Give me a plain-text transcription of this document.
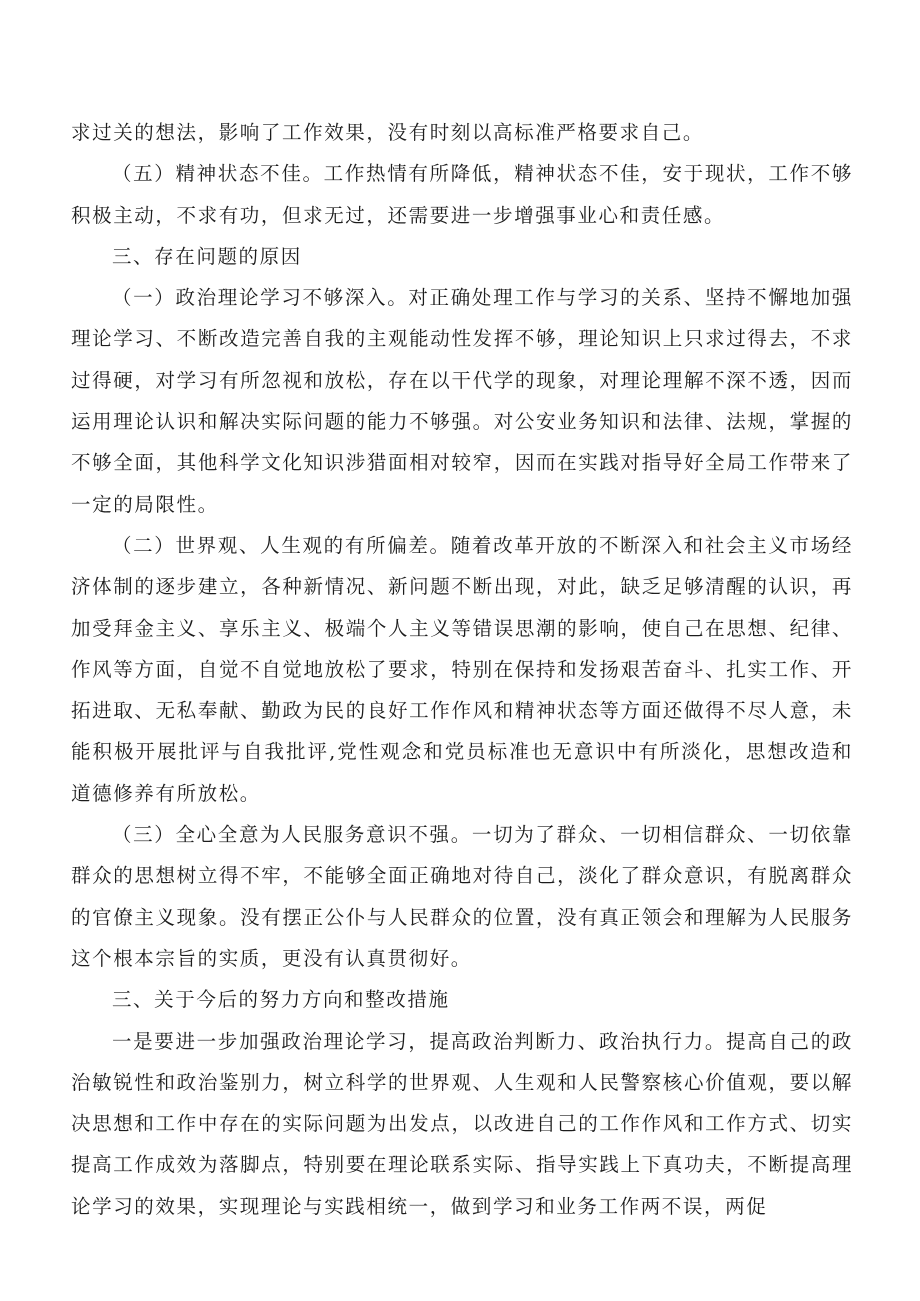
求过关的想法，影响了工作效果，没有时刻以高标准严格要求自己。

（五）精神状态不佳。工作热情有所降低，精神状态不佳，安于现状，工作不够积极主动，不求有功，但求无过，还需要进一步增强事业心和责任感。

三、存在问题的原因

（一）政治理论学习不够深入。对正确处理工作与学习的关系、坚持不懈地加强理论学习、不断改造完善自我的主观能动性发挥不够，理论知识上只求过得去，不求过得硬，对学习有所忽视和放松，存在以干代学的现象，对理论理解不深不透，因而运用理论认识和解决实际问题的能力不够强。对公安业务知识和法律、法规，掌握的不够全面，其他科学文化知识涉猎面相对较窄，因而在实践对指导好全局工作带来了一定的局限性。

（二）世界观、人生观的有所偏差。随着改革开放的不断深入和社会主义市场经济体制的逐步建立，各种新情况、新问题不断出现，对此，缺乏足够清醒的认识，再加受拜金主义、享乐主义、极端个人主义等错误思潮的影响，使自己在思想、纪律、作风等方面，自觉不自觉地放松了要求，特别在保持和发扬艰苦奋斗、扎实工作、开拓进取、无私奉献、勤政为民的良好工作作风和精神状态等方面还做得不尽人意，未能积极开展批评与自我批评,党性观念和党员标准也无意识中有所淡化，思想改造和道德修养有所放松。

（三）全心全意为人民服务意识不强。一切为了群众、一切相信群众、一切依靠群众的思想树立得不牢，不能够全面正确地对待自己，淡化了群众意识，有脱离群众的官僚主义现象。没有摆正公仆与人民群众的位置，没有真正领会和理解为人民服务这个根本宗旨的实质，更没有认真贯彻好。

三、关于今后的努力方向和整改措施

一是要进一步加强政治理论学习，提高政治判断力、政治执行力。提高自己的政治敏锐性和政治鉴别力，树立科学的世界观、人生观和人民警察核心价值观，要以解决思想和工作中存在的实际问题为出发点，以改进自己的工作作风和工作方式、切实提高工作成效为落脚点，特别要在理论联系实际、指导实践上下真功夫，不断提高理论学习的效果，实现理论与实践相统一，做到学习和业务工作两不误，两促
